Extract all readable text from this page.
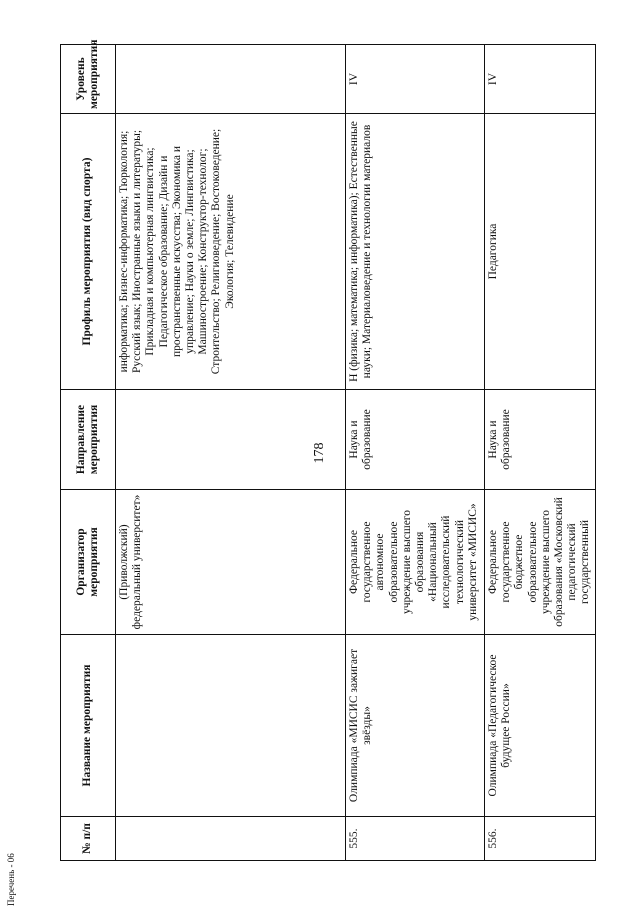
178
Перечень - 06
№ п/п	Название мероприятия	Организатор мероприятия	Направление мероприятия	Профиль мероприятия (вид спорта)	Уровень мероприятия
		(Приволжский) федеральный университет»		информатика; Бизнес-информатика; Тюркология; Русский язык; Иностранные языки и литературы; Прикладная и компьютерная лингвистика; Педагогическое образование; Дизайн и пространственные искусства; Экономика и управление; Науки о земле; Лингвистика; Машиностроение; Конструктор-технолог; Строительство; Религиоведение; Востоковедение; Экология; Телевидение	
555.	Олимпиада «МИСИС зажигает звёзды»	Федеральное государственное автономное образовательное учреждение высшего образования «Национальный исследовательский технологический университет «МИСИС»	Наука и образование	Н (физика; математика; информатика); Естественные науки; Материаловедение и технологии материалов	IV
556.	Олимпиада «Педагогическое будущее России»	Федеральное государственное бюджетное образовательное учреждение высшего образования «Московский педагогический государственный	Наука и образование	Педагогика	IV
